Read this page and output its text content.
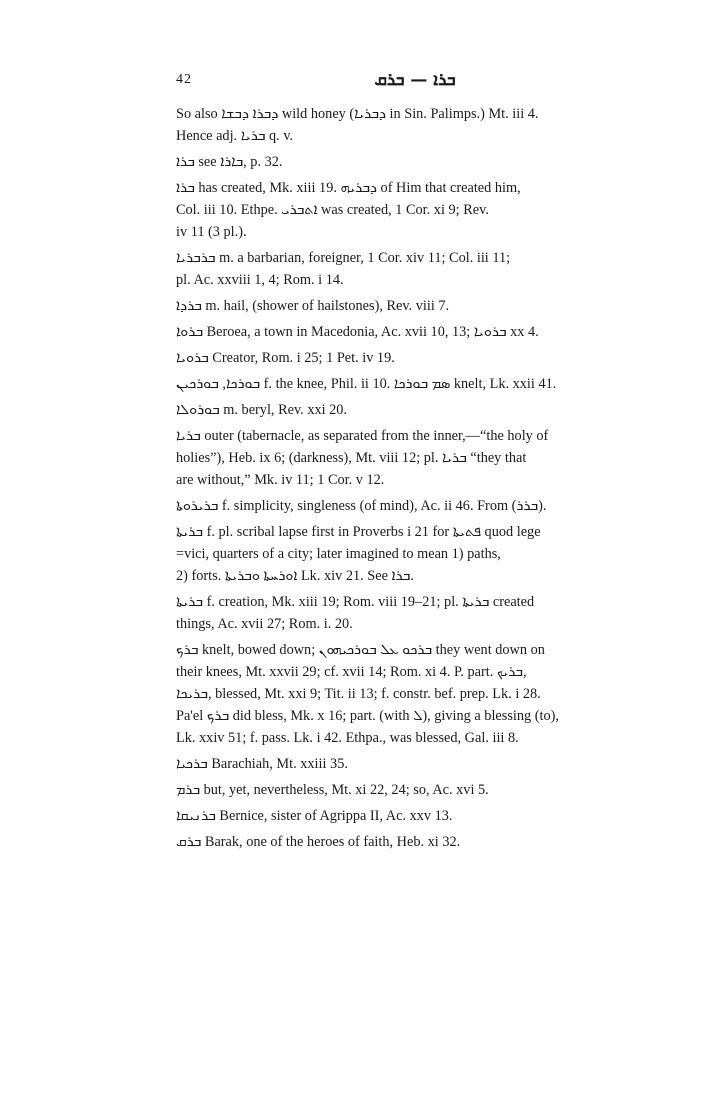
42	ܒܪܐ — ܒܪܩ

So also ܕܒܪܐ ܕܒܫܐ wild honey (ܕܒܪܝܐ in Sin. Palimps.) Mt. iii 4.
Hence adj. ܒܪܝܐ q. v.

ܒܪܐ see ܒܐܪܐ, p. 32.

ܒܪܐ has created, Mk. xiii 19. ܕܒܪܝܗ of Him that created him,
Col. iii 10. Ethpe. ܐܬܒܪܝ was created, 1 Cor. xi 9; Rev.
iv 11 (3 pl.).

ܒܪܒܪܝܐ m. a barbarian, foreigner, 1 Cor. xiv 11; Col. iii 11;
pl. Ac. xxviii 1, 4; Rom. i 14.

ܒܪܕܐ m. hail, (shower of hailstones), Rev. viii 7.

ܒܪܘܐ Beroea, a town in Macedonia, Ac. xvii 10, 13; ܒܪܘܝܐ xx 4.

ܒܪܘܝܐ Creator, Rom. i 25; 1 Pet. iv 19.

ܒܘܪܟܐ, ܒܘܪܟܝܢ f. the knee, Phil. ii 10. ܣܡ ܒܘܪܟܐ knelt, Lk. xxii 41.

ܒܘܪܘܠܐ m. beryl, Rev. xxi 20.

ܒܪܝܐ outer (tabernacle, as separated from the inner,—“the holy of
holies”), Heb. ix 6; (darkness), Mt. viii 12; pl. ܒܪܝܐ “they that
are without,” Mk. iv 11; 1 Cor. v 12.

ܒܪܝܪܘܬܐ f. simplicity, singleness (of mind), Ac. ii 46. From (ܒܪܪ).

ܒܪܝܬܐ f. pl. scribal lapse first in Proverbs i 21 for ܦܬܝܬܐ quod lege
=vici, quarters of a city; later imagined to mean 1) paths,
2) forts. ܐܘܪܚܬܐ ܘܒܪܝܬܐ Lk. xiv 21. See ܒܪܐ.

ܒܪܝܬܐ f. creation, Mk. xiii 19; Rom. viii 19–21; pl. ܒܪܝܬܐ created
things, Ac. xvii 27; Rom. i. 20.

ܒܪܟ knelt, bowed down; ܒܪܟܘ ܥܠ ܒܘܪܟܝܗܘܢ they went down on
their knees, Mt. xxvii 29; cf. xvii 14; Rom. xi 4. P. part. ܒܪܝܟ,
ܒܪܝܟܐ, blessed, Mt. xxi 9; Tit. ii 13; f. constr. bef. prep. Lk. i 28.
Pa'el ܒܪܟ did bless, Mk. x 16; part. (with ܠ), giving a blessing (to),
Lk. xxiv 51; f. pass. Lk. i 42. Ethpa., was blessed, Gal. iii 8.

ܒܪܟܝܐ Barachiah, Mt. xxiii 35.

ܒܪܡ but, yet, nevertheless, Mt. xi 22, 24; so, Ac. xvi 5.

ܒܪܢܝܩܐ Bernice, sister of Agrippa II, Ac. xxv 13.

ܒܪܩ Barak, one of the heroes of faith, Heb. xi 32.
